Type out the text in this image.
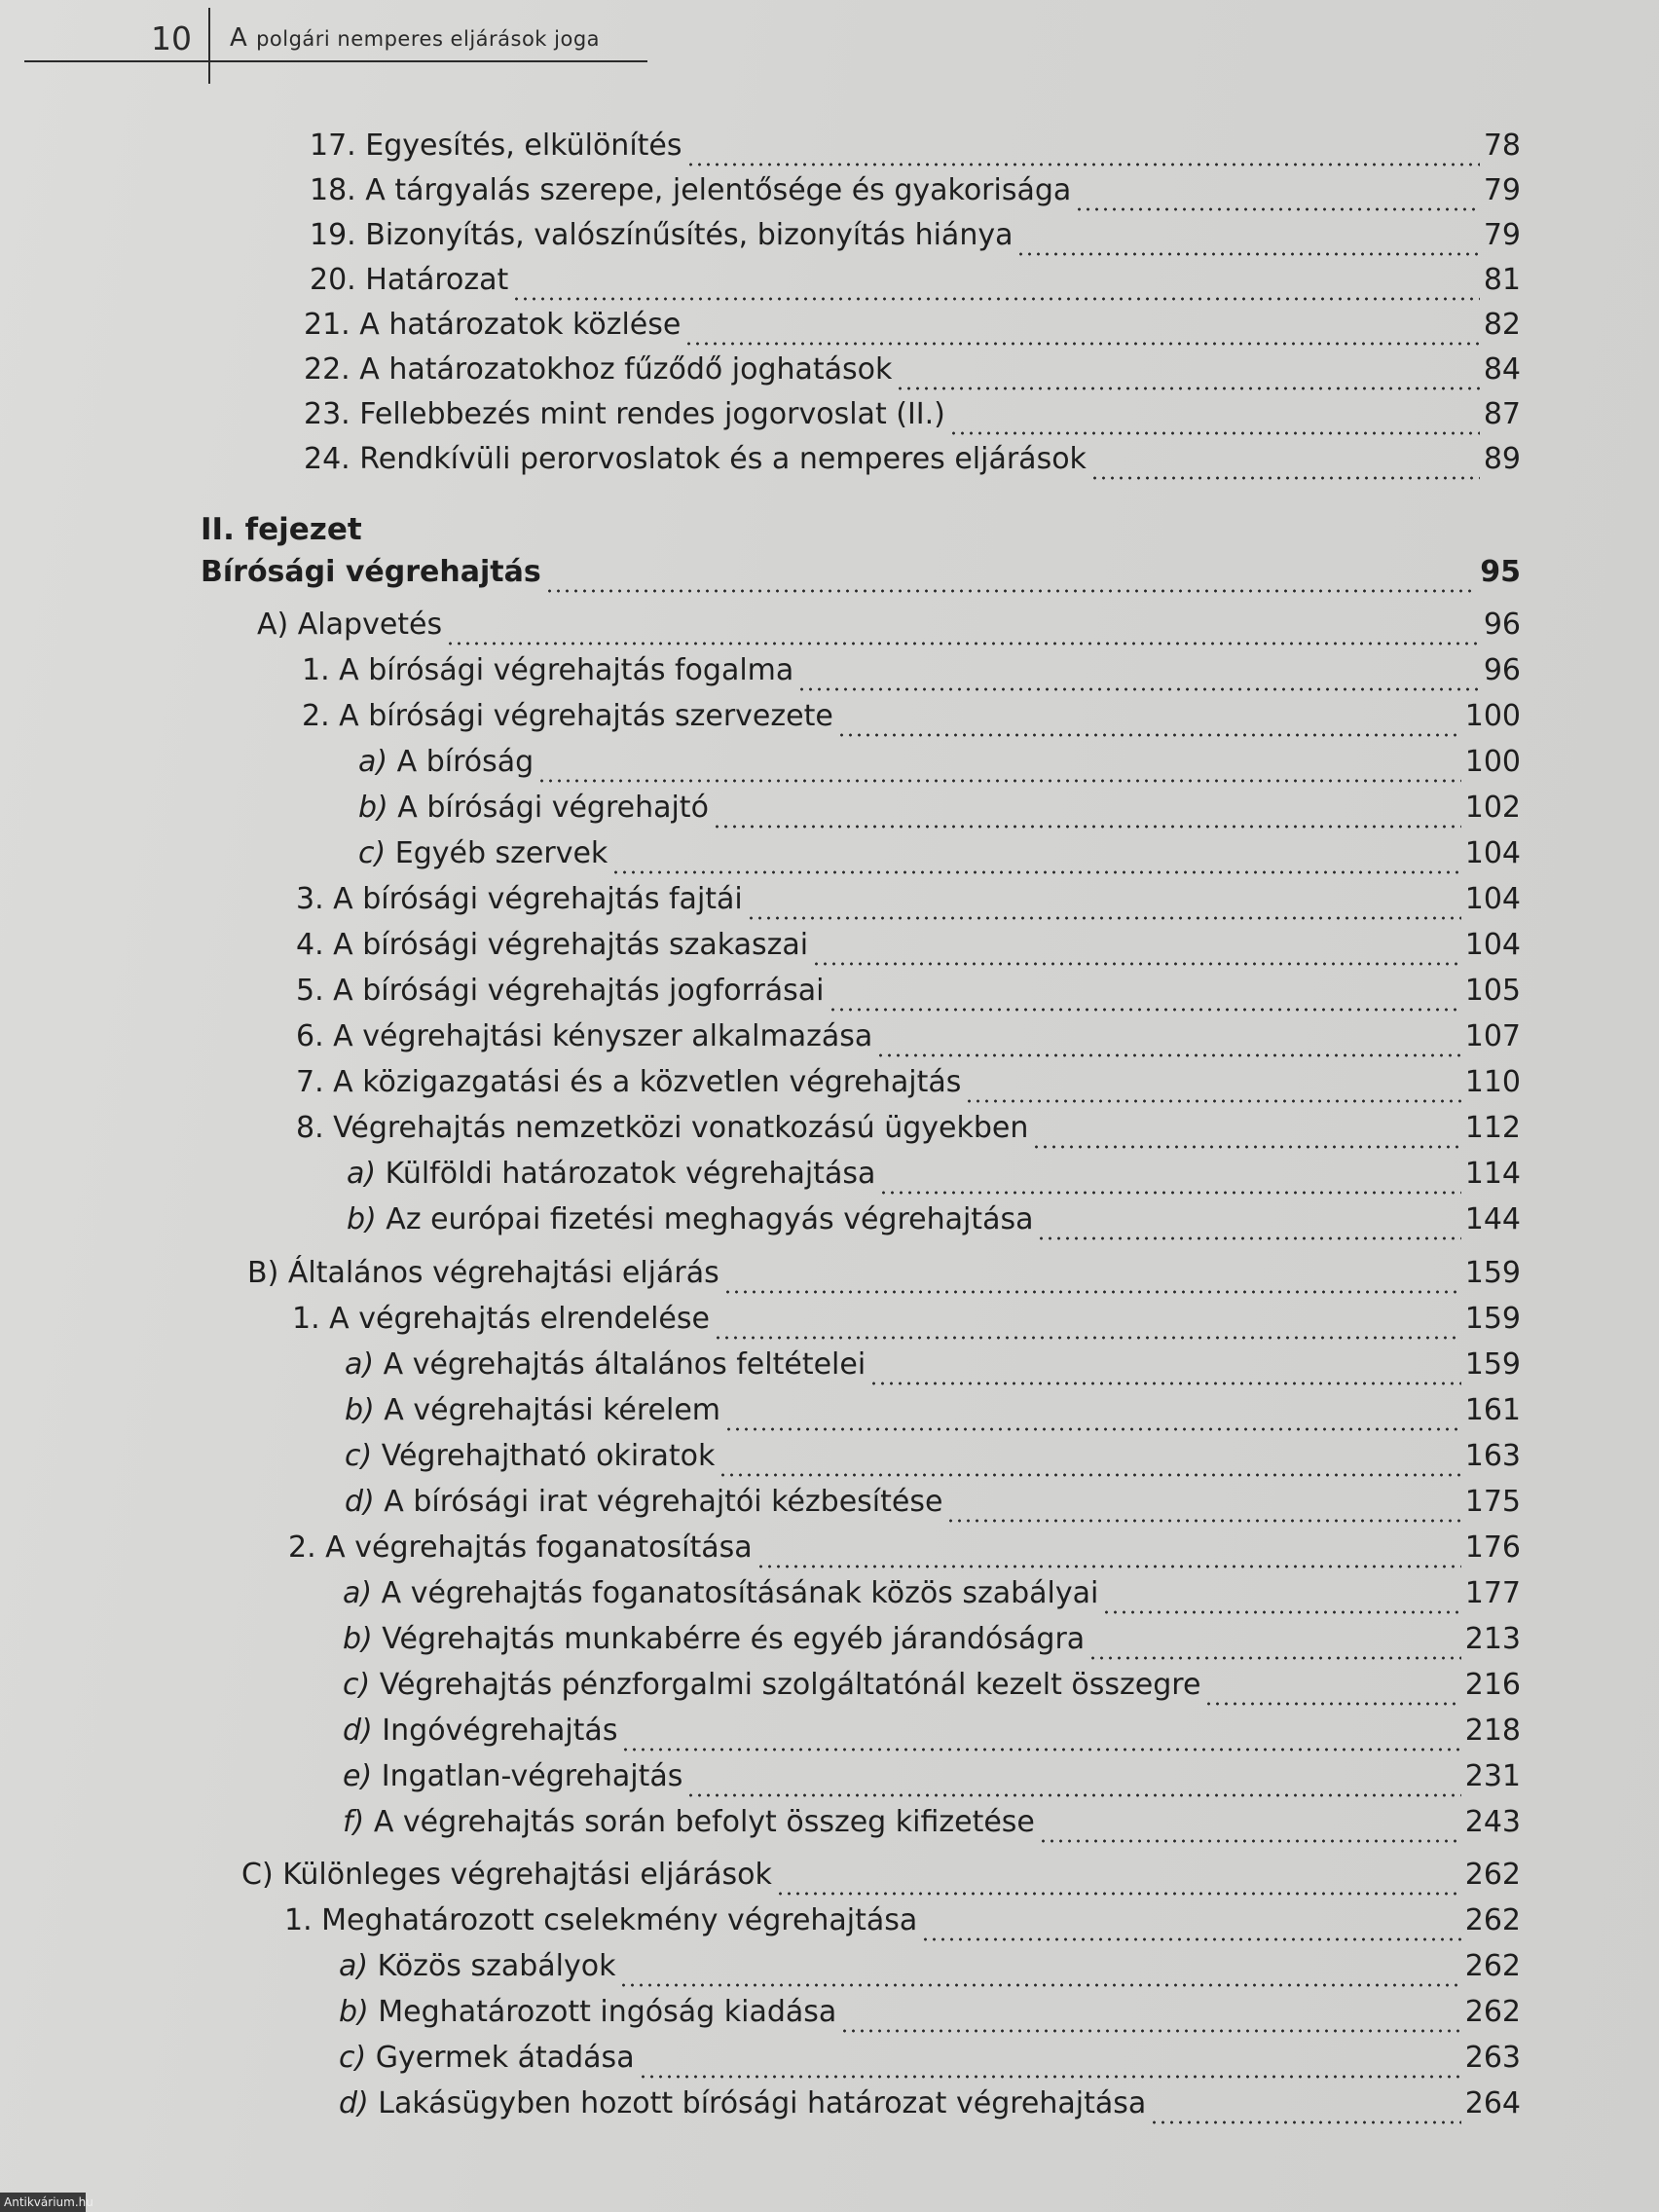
10 A polgári nemperes eljárások joga
II. fejezet
17. Egyesítés, elkülönítés	78
18. A tárgyalás szerepe, jelentősége és gyakorisága	79
19. Bizonyítás, valószínűsítés, bizonyítás hiánya	79
20. Határozat	81
21. A határozatok közlése	82
22. A határozatokhoz fűződő joghatások	84
23. Fellebbezés mint rendes jogorvoslat (II.)	87
24. Rendkívüli perorvoslatok és a nemperes eljárások	89
Bírósági végrehajtás	95
A) Alapvetés	96
1. A bírósági végrehajtás fogalma	96
2. A bírósági végrehajtás szervezete	100
a) A bíróság	100
b) A bírósági végrehajtó	102
c) Egyéb szervek	104
3. A bírósági végrehajtás fajtái	104
4. A bírósági végrehajtás szakaszai	104
5. A bírósági végrehajtás jogforrásai	105
6. A végrehajtási kényszer alkalmazása	107
7. A közigazgatási és a közvetlen végrehajtás	110
8. Végrehajtás nemzetközi vonatkozású ügyekben	112
a) Külföldi határozatok végrehajtása	114
b) Az európai fizetési meghagyás végrehajtása	144
B) Általános végrehajtási eljárás	159
1. A végrehajtás elrendelése	159
a) A végrehajtás általános feltételei	159
b) A végrehajtási kérelem	161
c) Végrehajtható okiratok	163
d) A bírósági irat végrehajtói kézbesítése	175
2. A végrehajtás foganatosítása	176
a) A végrehajtás foganatosításának közös szabályai	177
b) Végrehajtás munkabérre és egyéb járandóságra	213
c) Végrehajtás pénzforgalmi szolgáltatónál kezelt összegre	216
d) Ingóvégrehajtás	218
e) Ingatlan-végrehajtás	231
f) A végrehajtás során befolyt összeg kifizetése	243
C) Különleges végrehajtási eljárások	262
1. Meghatározott cselekmény végrehajtása	262
a) Közös szabályok	262
b) Meghatározott ingóság kiadása	262
c) Gyermek átadása	263
d) Lakásügyben hozott bírósági határozat végrehajtása	264
Antikvárium.hu
